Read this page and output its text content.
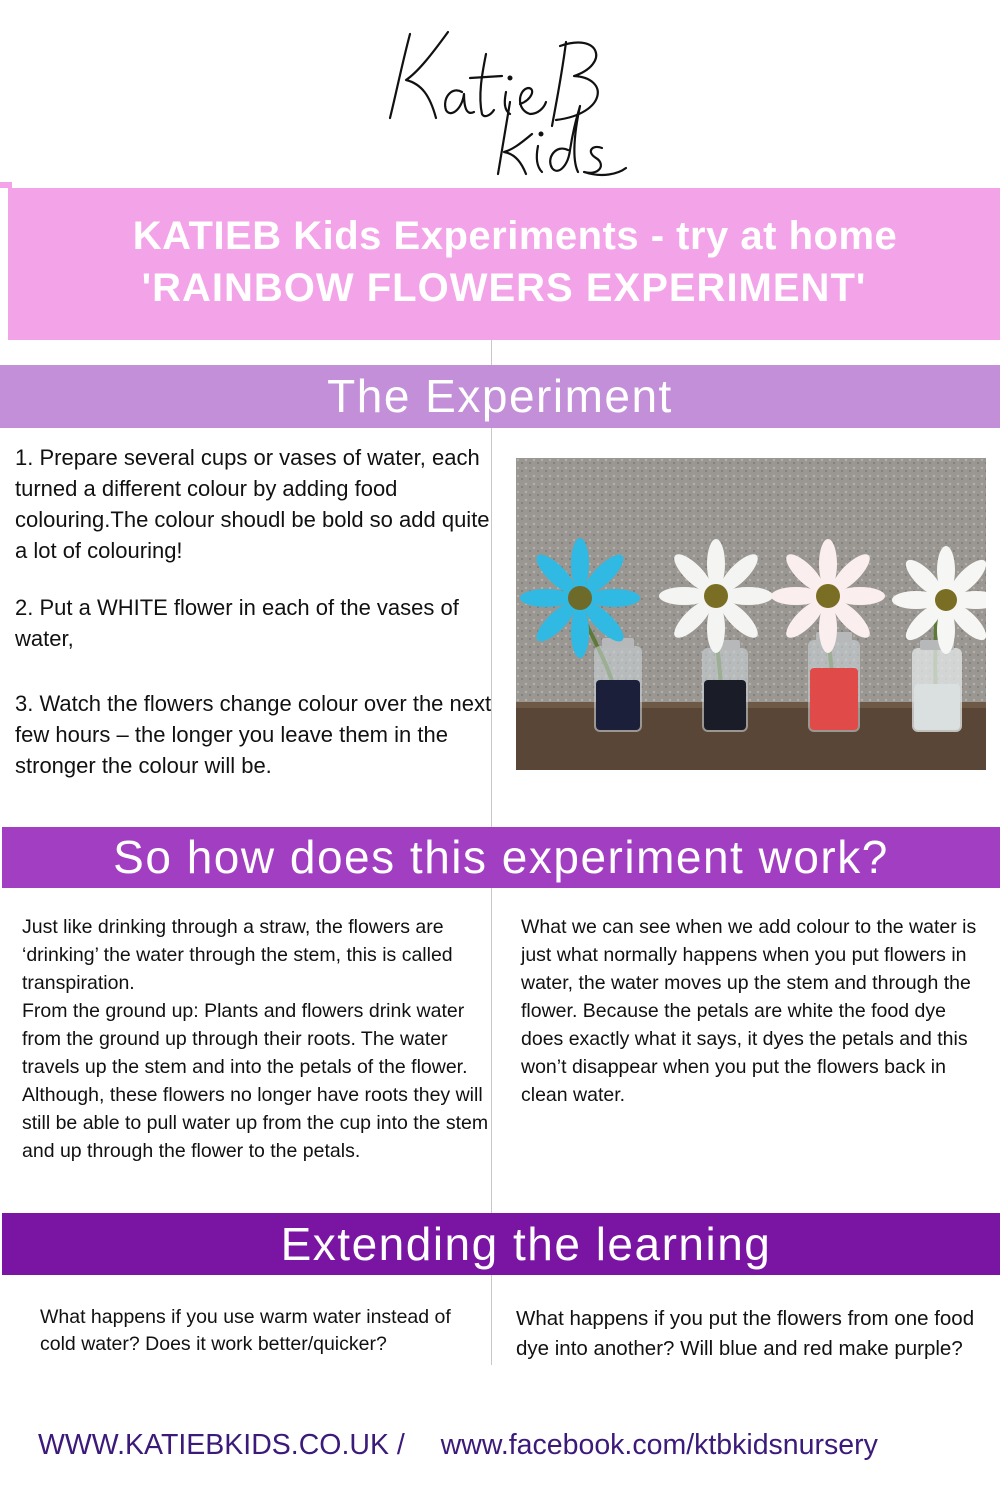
KATIEB Kids Experiments - try at home
'RAINBOW FLOWERS EXPERIMENT'
The Experiment

1. Prepare several cups or vases of water, each turned a different colour by adding food colouring.The colour shoudl be bold so add quite a lot of colouring!

2. Put a WHITE flower in each of the vases of water,

3. Watch the flowers change colour over the next few hours – the longer you leave them in the stronger the colour will be.

So how does this experiment work?

Just like drinking through a straw, the flowers are ‘drinking’ the water through the stem, this is called transpiration.

From the ground up: Plants and flowers drink water from the ground up through their roots. The water travels up the stem and into the petals of the flower. Although, these flowers no longer have roots they will still be able to pull water up from the cup into the stem and up through the flower to the petals.

What we can see when we add colour to the water is just what normally happens when you put flowers in water, the water moves up the stem and through the flower. Because the petals are white the food dye does exactly what it says, it dyes the petals and this won’t disappear when you put the flowers back in clean water.

Extending the learning
What happens if you use warm water instead of cold water? Does it work better/quicker?
What happens if you put the flowers from one food dye into another? Will blue and red make purple?
WWW.KATIEBKIDS.CO.UK / www.facebook.com/ktbkidsnursery
